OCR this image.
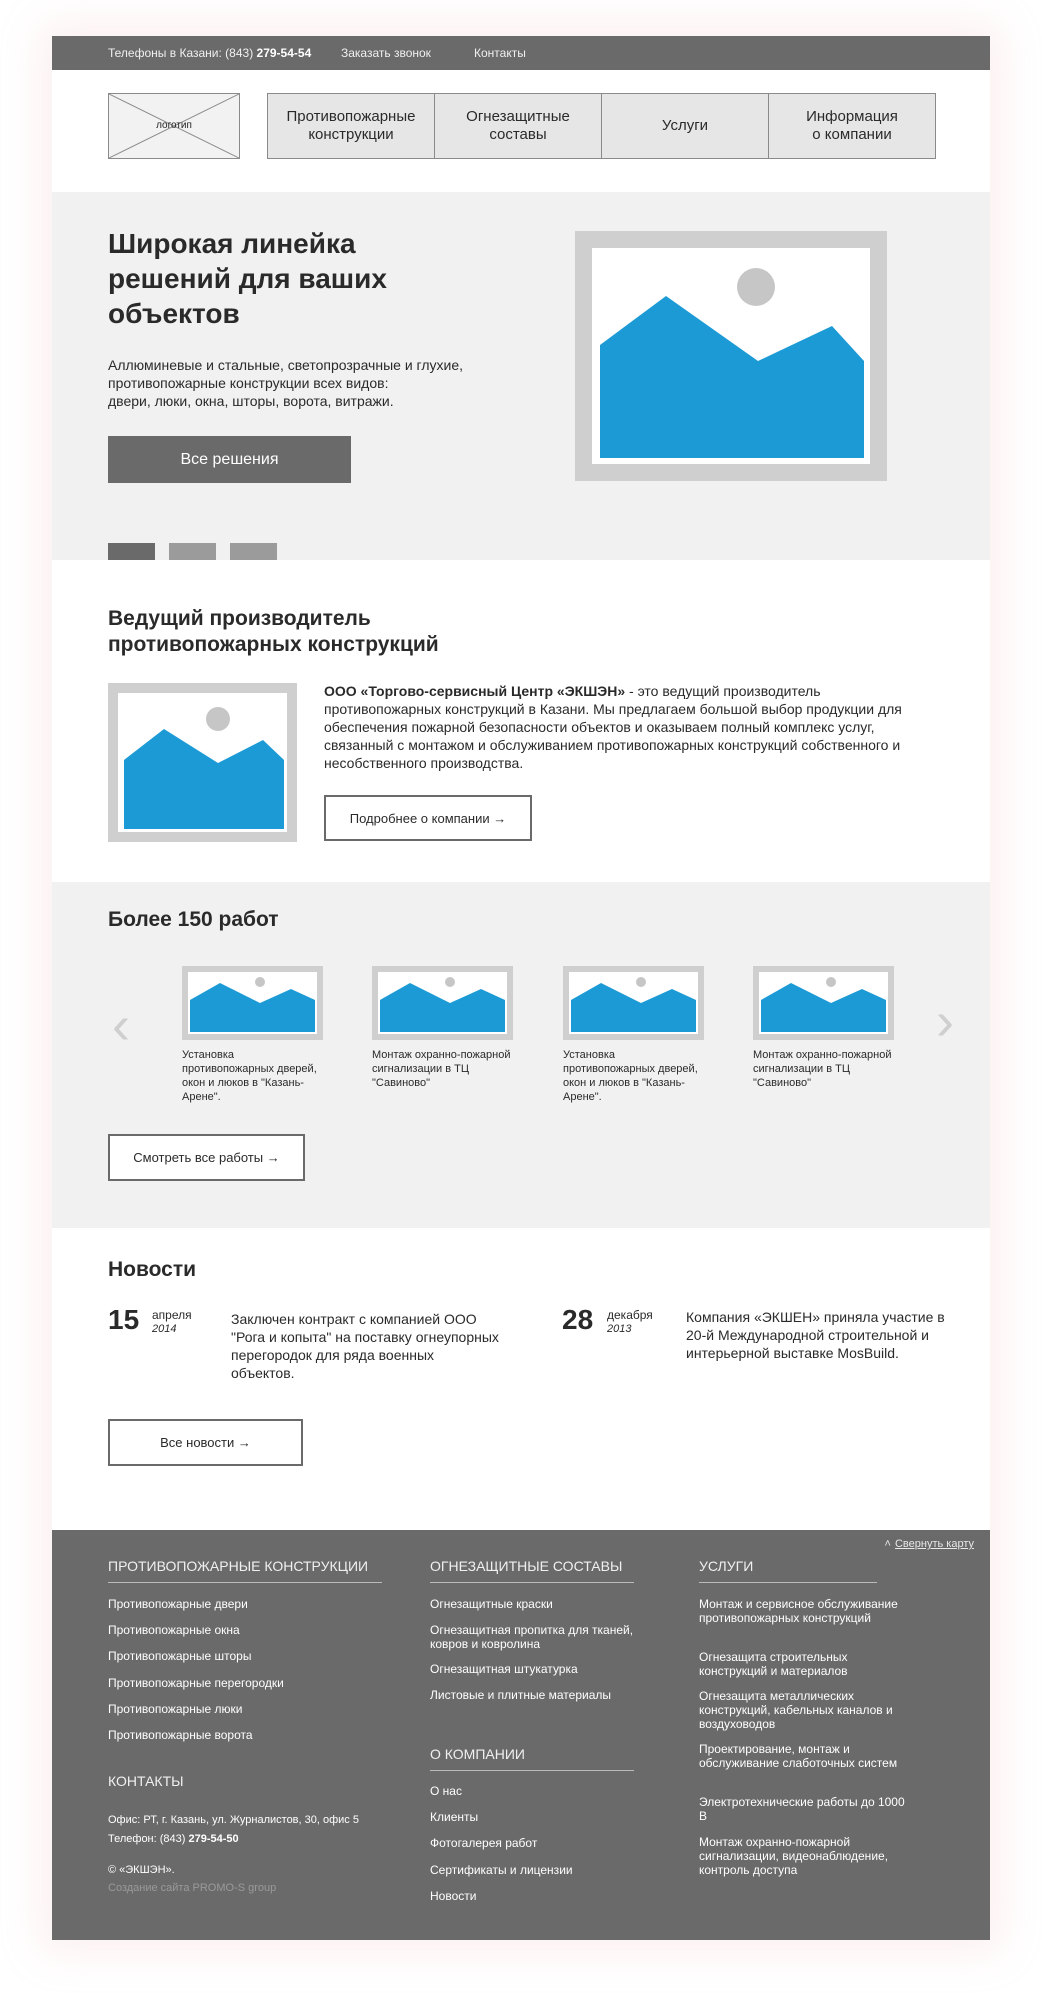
Телефоны в Казани: (843) 279-54-54 Заказать звонок	Контакты
логотип
Противопожарные
конструкции
Огнезащитные
составы
Услуги
Информация
о компании
Широкая линейка решений для ваших объектов

Аллюминевые и стальные, светопрозрачные и глухие,
противопожарные конструкции всех видов:
двери, люки, окна, шторы, ворота, витражи.

Все решения
Ведущий производитель противопожарных конструкций
ООО «Торгово-сервисный Центр «ЭКШЭН» - это ведущий производитель противопожарных конструкций в Казани. Мы предлагаем большой выбор продукции для обеспечения пожарной безопасности объектов и оказываем полный комплекс услуг, связанный с монтажом и обслуживанием противопожарных конструкций собственного и несобственного производства.
Подробнее о компании →
Более 150 работ
‹	›
Установка противопожарных дверей, окон и люков в "Казань-Арене".
Монтаж охранно-пожарной сигнализации в ТЦ "Савиново"
Установка противопожарных дверей, окон и люков в "Казань-Арене".
Монтаж охранно-пожарной сигнализации в ТЦ "Савиново"
Смотреть все работы →
Новости
15 апреля
2014
Заключен контракт с компанией ООО "Рога и копыта" на поставку огнеупорных перегородок для ряда военных объектов.
28 декабря
2013
Компания «ЭКШЕН» приняла участие в 20-й Международной строительной и интерьерной выставке MosBuild.
Все новости →
˄ Свернуть карту
ПРОТИВОПОЖАРНЫЕ КОНСТРУКЦИИ
Противопожарные двери
Противопожарные окна
Противопожарные шторы
Противопожарные перегородки
Противопожарные люки
Противопожарные ворота
КОНТАКТЫ
Офис: РТ, г. Казань, ул. Журналистов, 30, офис 5
Телефон: (843) 279-54-50
© «ЭКШЭН».
Создание сайта PROMO-S group
ОГНЕЗАЩИТНЫЕ СОСТАВЫ
Огнезащитные краски
Огнезащитная пропитка для тканей, ковров и ковролина
Огнезащитная штукатурка
Листовые и плитные материалы
О КОМПАНИИ
О нас
Клиенты
Фотогалерея работ
Сертификаты и лицензии
Новости
УСЛУГИ
Монтаж и сервисное обслуживание противопожарных конструкций
Огнезащита строительных конструкций и материалов
Огнезащита металлических конструкций, кабельных каналов и воздуховодов
Проектирование, монтаж и обслуживание слаботочных систем
Электротехнические работы до 1000 В
Монтаж охранно-пожарной сигнализации, видеонаблюдение, контроль доступа
